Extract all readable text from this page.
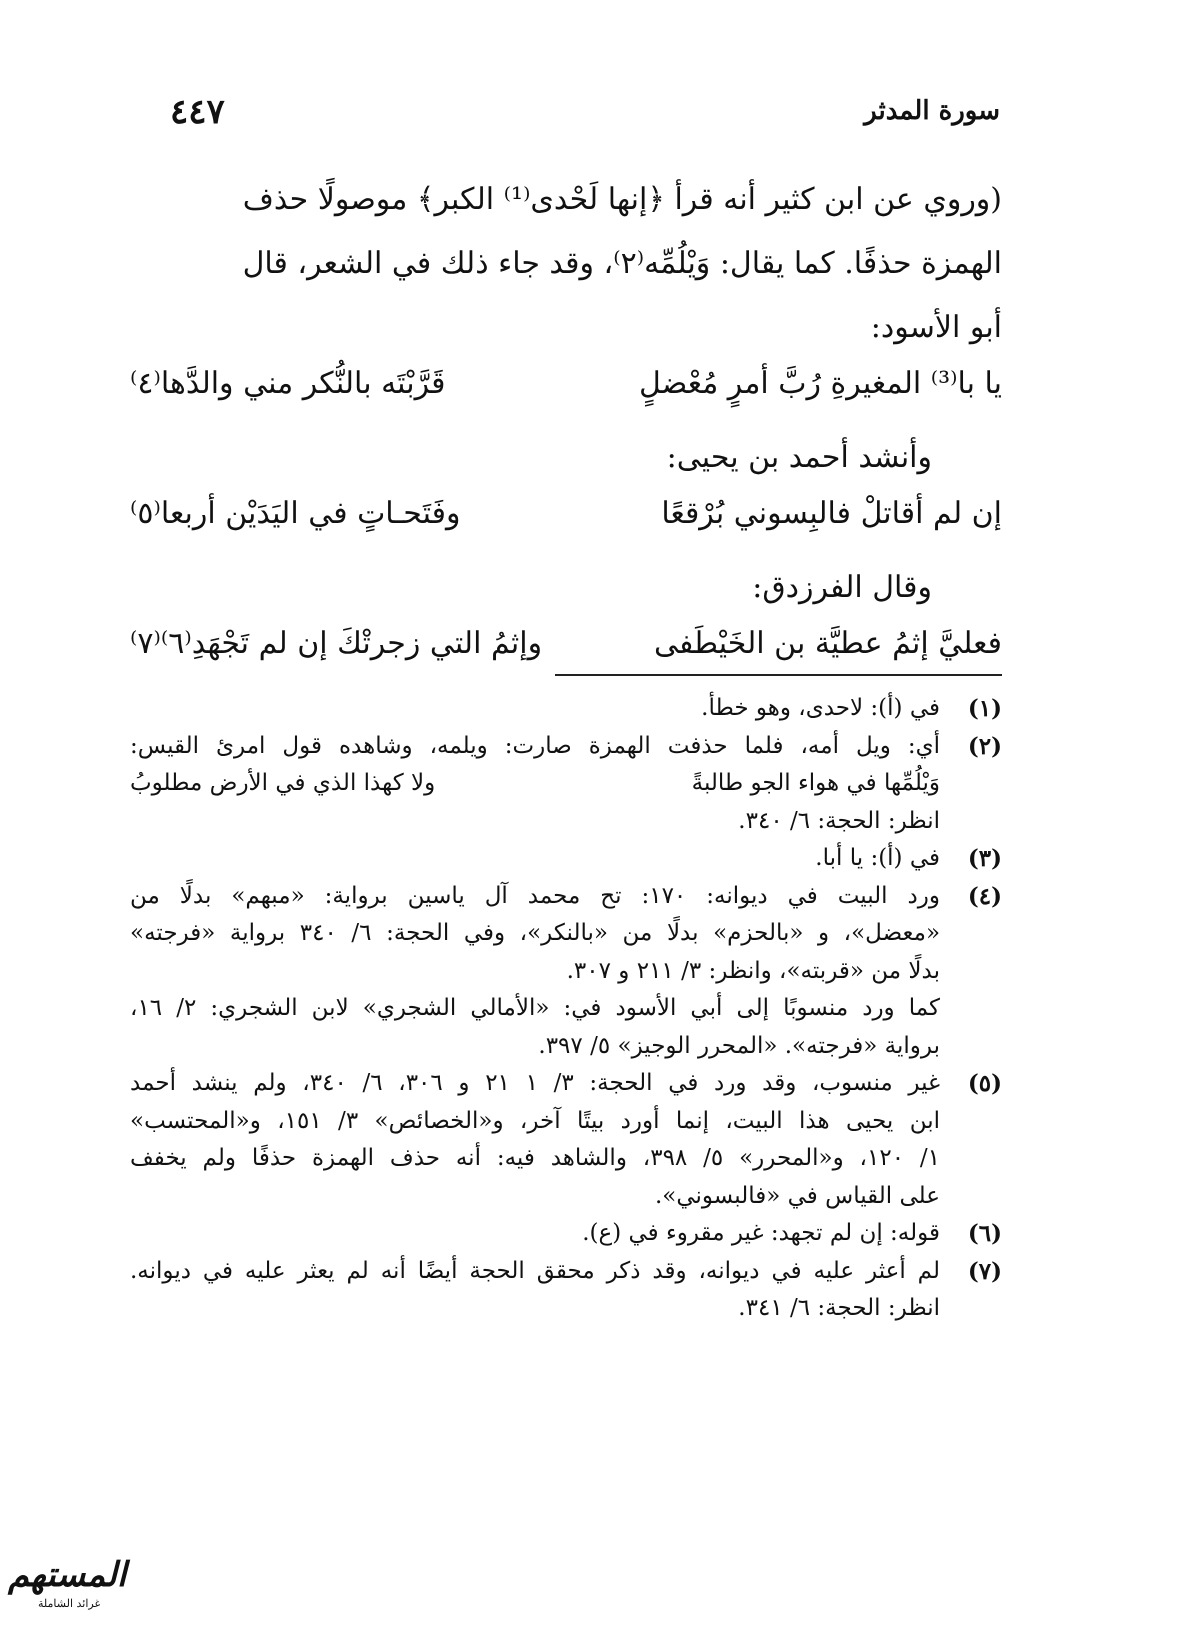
٤٤٧	سورة المدثر
(وروي عن ابن كثير أنه قرأ ﴿إنها لَحْدى⁽¹⁾ الكبر﴾ موصولًا حذف
الهمزة حذفًا. كما يقال: وَيْلُمِّه⁽٢⁾، وقد جاء ذلك في الشعر، قال
أبو الأسود:
يا با⁽³⁾ المغيرةِ رُبَّ أمرٍ مُعْضلٍ
قَرَّبْتَه بالنُّكر مني والدَّها⁽٤⁾
وأنشد أحمد بن يحيى:
إن لم أقاتلْ فالبِسوني بُرْقعًا
وفَتَحـاتٍ في اليَدَيْن أربعا⁽٥⁾
وقال الفرزدق:
فعليَّ إثمُ عطيَّة بن الخَيْطَفى
وإثمُ التي زجرتْكَ إن لم تَجْهَدِ⁽٦⁾⁽٧⁾
(١)
في (أ): لاحدى، وهو خطأ.
(٢)
أي: ويل أمه، فلما حذفت الهمزة صارت: ويلمه، وشاهده قول امرئ القيس:
وَيْلُمِّها في هواء الجو طالبةً
ولا كهذا الذي في الأرض مطلوبُ
انظر: الحجة: ٦/ ٣٤٠.
(٣)
في (أ): يا أبا.
(٤)
ورد البيت في ديوانه: ١٧٠: تح محمد آل ياسين برواية: «مبهم» بدلًا من
«معضل»، و «بالحزم» بدلًا من «بالنكر»، وفي الحجة: ٦/ ٣٤٠ برواية «فرجته»
بدلًا من «قربته»، وانظر: ٣/ ٢١١ و ٣٠٧.
كما ورد منسوبًا إلى أبي الأسود في: «الأمالي الشجري» لابن الشجري: ٢/ ١٦،
برواية «فرجته». «المحرر الوجيز» ٥/ ٣٩٧.
(٥)
غير منسوب، وقد ورد في الحجة: ٣/ ١ ٢١ و ٣٠٦، ٦/ ٣٤٠، ولم ينشد أحمد
ابن يحيى هذا البيت، إنما أورد بيتًا آخر، و«الخصائص» ٣/ ١٥١، و«المحتسب»
١/ ١٢٠، و«المحرر» ٥/ ٣٩٨، والشاهد فيه: أنه حذف الهمزة حذفًا ولم يخفف
على القياس في «فالبسوني».
(٦)
قوله: إن لم تجهد: غير مقروء في (ع).
(٧)
لم أعثر عليه في ديوانه، وقد ذكر محقق الحجة أيضًا أنه لم يعثر عليه في ديوانه.
انظر: الحجة: ٦/ ٣٤١.
المستهم
غرائد الشاملة
